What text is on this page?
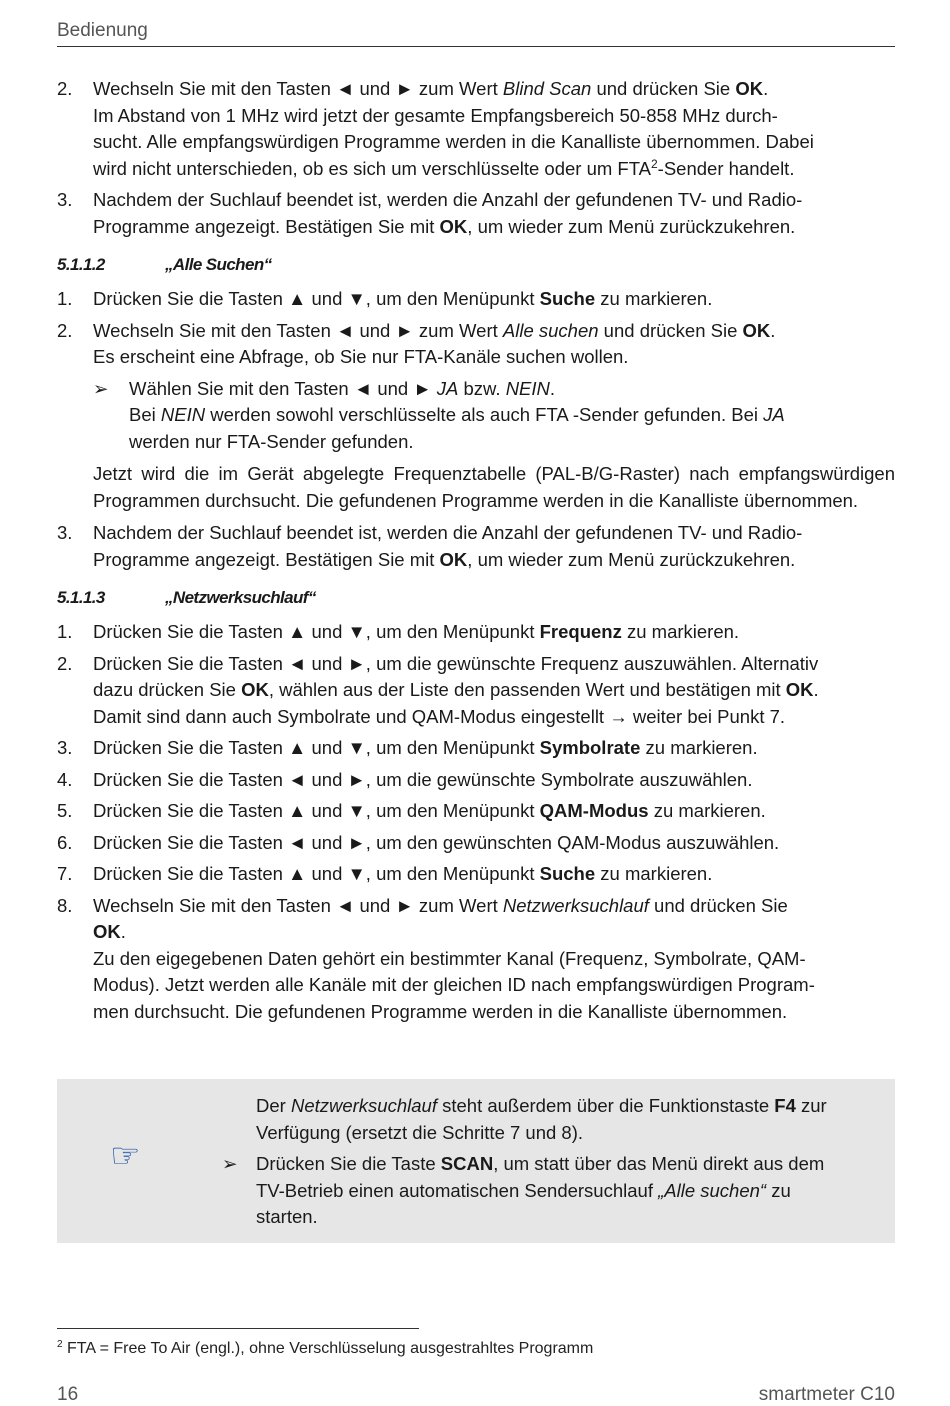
Bedienung
2. Wechseln Sie mit den Tasten ◄ und ► zum Wert Blind Scan und drücken Sie OK.
Im Abstand von 1 MHz wird jetzt der gesamte Empfangsbereich 50-858 MHz durch-
sucht. Alle empfangswürdigen Programme werden in die Kanalliste übernommen. Dabei
wird nicht unterschieden, ob es sich um verschlüsselte oder um FTA$^2$-Sender handelt.
3. Nachdem der Suchlauf beendet ist, werden die Anzahl der gefundenen TV- und Radio-
Programme angezeigt. Bestätigen Sie mit OK, um wieder zum Menü zurückzukehren.
5.1.1.2	„Alle Suchen“
1. Drücken Sie die Tasten ▲ und ▼, um den Menüpunkt Suche zu markieren.
2. Wechseln Sie mit den Tasten ◄ und ► zum Wert Alle suchen und drücken Sie OK.
Es erscheint eine Abfrage, ob Sie nur FTA-Kanäle suchen wollen.
➢ Wählen Sie mit den Tasten ◄ und ► JA bzw. NEIN.
Bei NEIN werden sowohl verschlüsselte als auch FTA -Sender gefunden. Bei JA
werden nur FTA-Sender gefunden.
Jetzt wird die im Gerät abgelegte Frequenztabelle (PAL-B/G-Raster) nach empfangswürdigen Programmen durchsucht. Die gefundenen Programme werden in die Kanalliste übernommen.
3. Nachdem der Suchlauf beendet ist, werden die Anzahl der gefundenen TV- und Radio-
Programme angezeigt. Bestätigen Sie mit OK, um wieder zum Menü zurückzukehren.
5.1.1.3	„Netzwerksuchlauf“
1. Drücken Sie die Tasten ▲ und ▼, um den Menüpunkt Frequenz zu markieren.
2. Drücken Sie die Tasten ◄ und ►, um die gewünschte Frequenz auszuwählen. Alternativ
dazu drücken Sie OK, wählen aus der Liste den passenden Wert und bestätigen mit OK.
Damit sind dann auch Symbolrate und QAM-Modus eingestellt → weiter bei Punkt 7.
3. Drücken Sie die Tasten ▲ und ▼, um den Menüpunkt Symbolrate zu markieren.
4. Drücken Sie die Tasten ◄ und ►, um die gewünschte Symbolrate auszuwählen.
5. Drücken Sie die Tasten ▲ und ▼, um den Menüpunkt QAM-Modus zu markieren.
6. Drücken Sie die Tasten ◄ und ►, um den gewünschten QAM-Modus auszuwählen.
7. Drücken Sie die Tasten ▲ und ▼, um den Menüpunkt Suche zu markieren.
8. Wechseln Sie mit den Tasten ◄ und ► zum Wert Netzwerksuchlauf und drücken Sie
OK.
Zu den eigegebenen Daten gehört ein bestimmter Kanal (Frequenz, Symbolrate, QAM-
Modus). Jetzt werden alle Kanäle mit der gleichen ID nach empfangswürdigen Program-
men durchsucht. Die gefundenen Programme werden in die Kanalliste übernommen.
☞
Der Netzwerksuchlauf steht außerdem über die Funktionstaste F4 zur
Verfügung (ersetzt die Schritte 7 und 8).
➢ Drücken Sie die Taste SCAN, um statt über das Menü direkt aus dem
TV-Betrieb einen automatischen Sendersuchlauf „Alle suchen“ zu
starten.
$^2$ FTA = Free To Air (engl.), ohne Verschlüsselung ausgestrahltes Programm
16	smartmeter C10
